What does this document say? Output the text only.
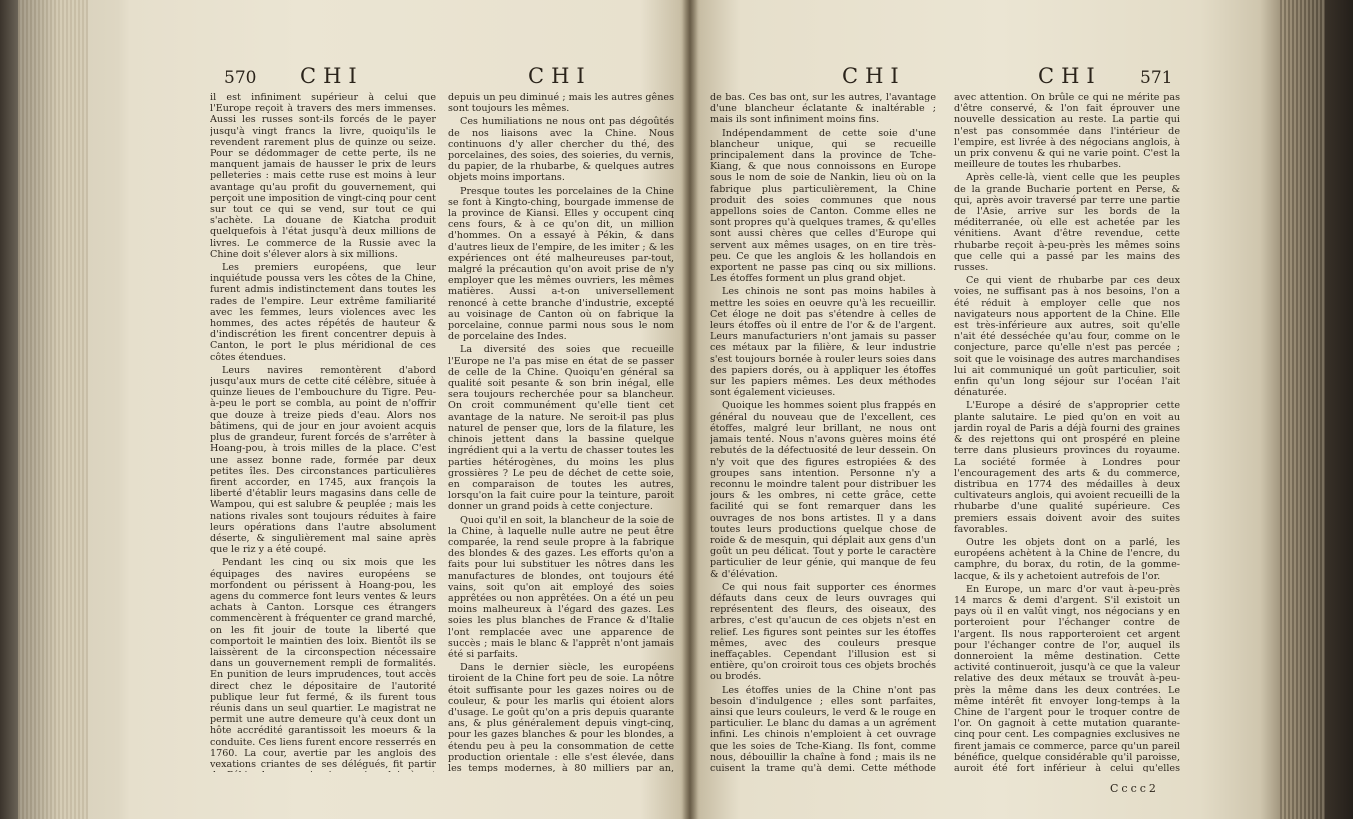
570 CHI	CHI

il est infiniment supérieur à celui que l'Europe reçoit à travers des mers immenses. Aussi les russes sont-ils forcés de le payer jusqu'à vingt francs la livre, quoiqu'ils le revendent rarement plus de quinze ou seize. Pour se dédommager de cette perte, ils ne manquent jamais de hausser le prix de leurs pelleteries : mais cette ruse est moins à leur avantage qu'au profit du gouvernement, qui perçoit une imposition de vingt-cinq pour cent sur tout ce qui se vend, sur tout ce qui s'achète. La douane de Kiatcha produit quelquefois à l'état jusqu'à deux millions de livres. Le commerce de la Russie avec la Chine doit s'élever alors à six millions.

Les premiers européens, que leur inquiétude poussa vers les côtes de la Chine, furent admis indistinctement dans toutes les rades de l'empire. Leur extrême familiarité avec les femmes, leurs violences avec les hommes, des actes répétés de hauteur & d'indiscrétion les firent concentrer depuis à Canton, le port le plus méridional de ces côtes étendues.

Leurs navires remontèrent d'abord jusqu'aux murs de cette cité célèbre, située à quinze lieues de l'embouchure du Tigre. Peu-à-peu le port se combla, au point de n'offrir que douze à treize pieds d'eau. Alors nos bâtimens, qui de jour en jour avoient acquis plus de grandeur, furent forcés de s'arrêter à Hoang-pou, à trois milles de la place. C'est une assez bonne rade, formée par deux petites îles. Des circonstances particulières firent accorder, en 1745, aux françois la liberté d'établir leurs magasins dans celle de Wampou, qui est salubre & peuplée ; mais les nations rivales sont toujours réduites à faire leurs opérations dans l'autre absolument déserte, & singulièrement mal saine après que le riz y a été coupé.

Pendant les cinq ou six mois que les équipages des navires européens se morfondent ou périssent à Hoang-pou, les agens du commerce font leurs ventes & leurs achats à Canton. Lorsque ces étrangers commencèrent à fréquenter ce grand marché, on les fit jouir de toute la liberté que comportoit le maintien des loix. Bientôt ils se laissèrent de la circonspection nécessaire dans un gouvernement rempli de formalités. En punition de leurs imprudences, tout accès direct chez le dépositaire de l'autorité publique leur fut fermé, & ils furent tous réunis dans un seul quartier. Le magistrat ne permit une autre demeure qu'à ceux dont un hôte accrédité garantissoit les moeurs & la conduite. Ces liens furent encore resserrés en 1760. La cour, avertie par les anglois des vexations criantes de ses délégués, fit partir

depuis un peu diminué ; mais les autres gênes sont toujours les mêmes.

Ces humiliations ne nous ont pas dégoûtés de nos liaisons avec la Chine. Nous continuons d'y aller chercher du thé, des porcelaines, des soies, des soieries, du vernis, du papier, de la rhubarbe, & quelques autres objets moins importans.

Presque toutes les porcelaines de la Chine se font à Kingto-ching, bourgade immense de la province de Kiansi. Elles y occupent cinq cens fours, & à ce qu'on dit, un million d'hommes. On a essayé à Pékin, & dans d'autres lieux de l'empire, de les imiter ; & les expériences ont été malheureuses par-tout, malgré la précaution qu'on avoit prise de n'y employer que les mêmes ouvriers, les mêmes matières. Aussi a-t-on universellement renoncé à cette branche d'industrie, excepté au voisinage de Canton où on fabrique la porcelaine, connue parmi nous sous le nom de porcelaine des Indes.

La diversité des soies que recueille l'Europe ne l'a pas mise en état de se passer de celle de la Chine. Quoiqu'en général sa qualité soit pesante & son brin inégal, elle sera toujours recherchée pour sa blancheur. On croit communément qu'elle tient cet avantage de la nature. Ne seroit-il pas plus naturel de penser que, lors de la filature, les chinois jettent dans la bassine quelque ingrédient qui a la vertu de chasser toutes les parties hétérogènes, du moins les plus grossières ? Le peu de déchet de cette soie, en comparaison de toutes les autres, lorsqu'on la fait cuire pour la teinture, paroit donner un grand poids à cette conjecture.

Quoi qu'il en soit, la blancheur de la soie de la Chine, à laquelle nulle autre ne peut être comparée, la rend seule propre à la fabrique des blondes & des gazes. Les efforts qu'on a faits pour lui substituer les nôtres dans les manufactures de blondes, ont toujours été vains, soit qu'on ait employé des soies apprêtées ou non apprêtées. On a été un peu moins malheureux à l'égard des gazes. Les soies les plus blanches de France & d'Italie l'ont remplacée avec une apparence de succès ; mais le blanc & l'apprêt n'ont jamais été si parfaits.

Dans le dernier siècle, les européens tiroient de la Chine fort peu de soie. La nôtre étoit suffisante pour les gazes noires ou de couleur, & pour les marlis qui étoient alors d'usage. Le goût qu'on a pris depuis quarante ans, & plus généralement depuis vingt-cinq, pour les gazes blanches & pour les blondes, a étendu peu à peu la consommation de cette production orientale : elle s'est élevée, dans les temps modernes, à 80 milliers par an,

CHI	CHI 571

de bas. Ces bas ont, sur les autres, l'avantage d'une blancheur éclatante & inaltérable ; mais ils sont infiniment moins fins.

Indépendamment de cette soie d'une blancheur unique, qui se recueille principalement dans la province de Tche-Kiang, & que nous connoissons en Europe sous le nom de soie de Nankin, lieu où on la fabrique plus particulièrement, la Chine produit des soies communes que nous appellons soies de Canton. Comme elles ne sont propres qu'à quelques trames, & qu'elles sont aussi chères que celles d'Europe qui servent aux mêmes usages, on en tire très-peu. Ce que les anglois & les hollandois en exportent ne passe pas cinq ou six millions. Les étoffes forment un plus grand objet.

Les chinois ne sont pas moins habiles à mettre les soies en oeuvre qu'à les recueillir. Cet éloge ne doit pas s'étendre à celles de leurs étoffes où il entre de l'or & de l'argent. Leurs manufacturiers n'ont jamais su passer ces métaux par la filière, & leur industrie s'est toujours bornée à rouler leurs soies dans des papiers dorés, ou à appliquer les étoffes sur les papiers mêmes. Les deux méthodes sont également vicieuses.

Quoique les hommes soient plus frappés en général du nouveau que de l'excellent, ces étoffes, malgré leur brillant, ne nous ont jamais tenté. Nous n'avons guères moins été rebutés de la défectuosité de leur dessein. On n'y voit que des figures estropiées & des groupes sans intention. Personne n'y a reconnu le moindre talent pour distribuer les jours & les ombres, ni cette grâce, cette facilité qui se font remarquer dans les ouvrages de nos bons artistes. Il y a dans toutes leurs productions quelque chose de roide & de mesquin, qui déplait aux gens d'un goût un peu délicat. Tout y porte le caractère particulier de leur génie, qui manque de feu & d'élévation.

Ce qui nous fait supporter ces énormes défauts dans ceux de leurs ouvrages qui représentent des fleurs, des oiseaux, des arbres, c'est qu'aucun de ces objets n'est en relief. Les figures sont peintes sur les étoffes mêmes, avec des couleurs presque ineffaçables. Cependant l'illusion est si entière, qu'on croiroit tous ces objets brochés ou brodés.

Les étoffes unies de la Chine n'ont pas besoin d'indulgence ; elles sont parfaites, ainsi que leurs couleurs, le verd & le rouge en particulier. Le blanc du damas a un agrément infini. Les chinois n'emploient à cet ouvrage que les soies de Tche-Kiang. Ils font, comme nous, débouillir la chaîne à fond ; mais ils ne cuisent la trame qu'à demi. Cette méthode

avec attention. On brûle ce qui ne mérite pas d'être conservé, & l'on fait éprouver une nouvelle dessication au reste. La partie qui n'est pas consommée dans l'intérieur de l'empire, est livrée à des négocians anglois, à un prix convenu & qui ne varie point. C'est la meilleure de toutes les rhubarbes.

Après celle-là, vient celle que les peuples de la grande Bucharie portent en Perse, & qui, après avoir traversé par terre une partie de l'Asie, arrive sur les bords de la méditerranée, où elle est achetée par les vénitiens. Avant d'être revendue, cette rhubarbe reçoit à-peu-près les mêmes soins que celle qui a passé par les mains des russes.

Ce qui vient de rhubarbe par ces deux voies, ne suffisant pas à nos besoins, l'on a été réduit à employer celle que nos navigateurs nous apportent de la Chine. Elle est très-inférieure aux autres, soit qu'elle n'ait été desséchée qu'au four, comme on le conjecture, parce qu'elle n'est pas percée ; soit que le voisinage des autres marchandises lui ait communiqué un goût particulier, soit enfin qu'un long séjour sur l'océan l'ait dénaturée.

L'Europe a désiré de s'approprier cette plante salutaire. Le pied qu'on en voit au jardin royal de Paris a déjà fourni des graines & des rejettons qui ont prospéré en pleine terre dans plusieurs provinces du royaume. La société formée à Londres pour l'encouragement des arts & du commerce, distribua en 1774 des médailles à deux cultivateurs anglois, qui avoient recueilli de la rhubarbe d'une qualité supérieure. Ces premiers essais doivent avoir des suites favorables.

Outre les objets dont on a parlé, les européens achètent à la Chine de l'encre, du camphre, du borax, du rotin, de la gomme-lacque, & ils y achetoient autrefois de l'or.

En Europe, un marc d'or vaut à-peu-près 14 marcs & demi d'argent. S'il existoit un pays où il en valût vingt, nos négocians y en porteroient pour l'échanger contre de l'argent. Ils nous rapporteroient cet argent pour l'échanger contre de l'or, auquel ils donneroient la même destination. Cette activité continueroit, jusqu'à ce que la valeur relative des deux métaux se trouvât à-peu-près la même dans les deux contrées. Le même intérêt fit envoyer long-temps à la Chine de l'argent pour le troquer contre de l'or. On gagnoit à cette mutation quarante-cinq pour cent. Les compagnies exclusives ne firent jamais ce commerce, parce qu'un pareil bénéfice, quelque considérable qu'il paroisse, auroit été fort inférieur à celui qu'elles

Cccc2
